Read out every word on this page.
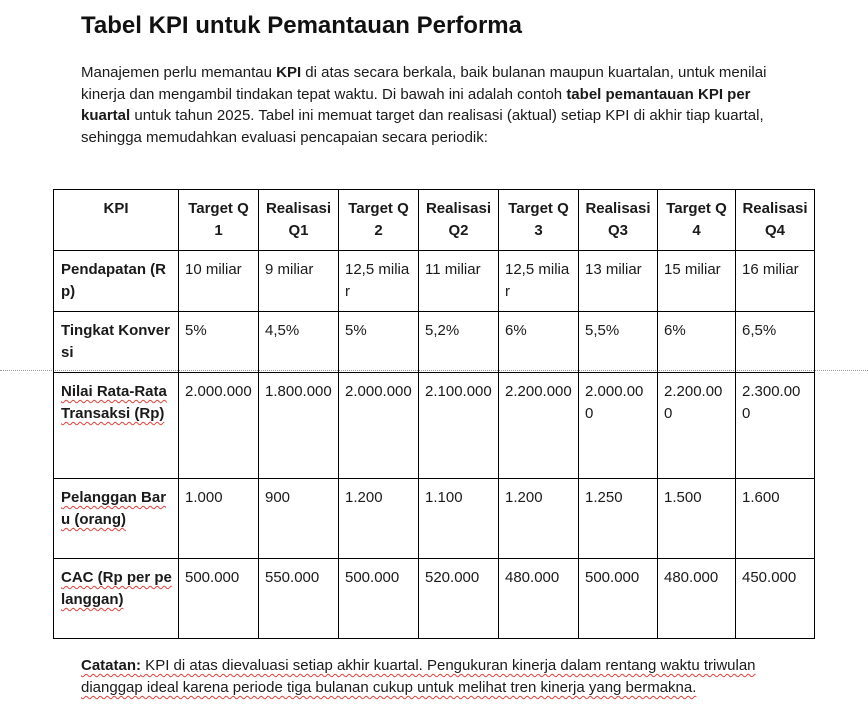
Tabel KPI untuk Pemantauan Performa

Manajemen perlu memantau KPI di atas secara berkala, baik bulanan maupun kuartalan, untuk menilai kinerja dan mengambil tindakan tepat waktu. Di bawah ini adalah contoh tabel pemantauan KPI per kuartal untuk tahun 2025. Tabel ini memuat target dan realisasi (aktual) setiap KPI di akhir tiap kuartal, sehingga memudahkan evaluasi pencapaian secara periodik:

KPI	Target Q1	Realisasi Q1	Target Q2	Realisasi Q2	Target Q3	Realisasi Q3	Target Q4	Realisasi Q4
Pendapatan (Rp)	10 miliar	9 miliar	12,5 miliar	11 miliar	12,5 miliar	13 miliar	15 miliar	16 miliar
Tingkat Konversi	5%	4,5%	5%	5,2%	6%	5,5%	6%	6,5%
Nilai Rata-Rata Transaksi (Rp)	2.000.000	1.800.000	2.000.000	2.100.000	2.200.000	2.000.000	2.200.000	2.300.000
Pelanggan Baru (orang)	1.000	900	1.200	1.100	1.200	1.250	1.500	1.600
CAC (Rp per pelanggan)	500.000	550.000	500.000	520.000	480.000	500.000	480.000	450.000

Catatan: KPI di atas dievaluasi setiap akhir kuartal. Pengukuran kinerja dalam rentang waktu triwulan dianggap ideal karena periode tiga bulanan cukup untuk melihat tren kinerja yang bermakna.
